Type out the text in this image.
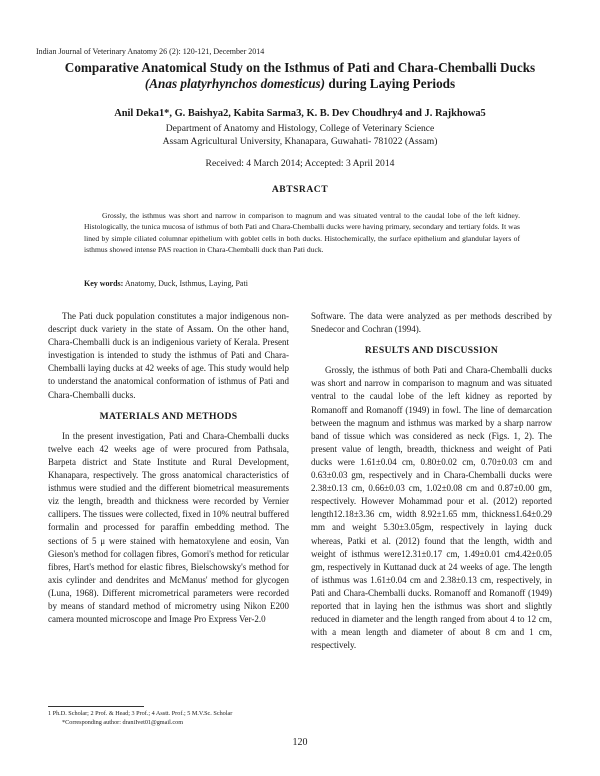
Indian Journal of Veterinary Anatomy 26 (2): 120-121, December 2014
Comparative Anatomical Study on the Isthmus of Pati and Chara-Chemballi Ducks
(Anas platyrhynchos domesticus) during Laying Periods
Anil Deka1*, G. Baishya2, Kabita Sarma3, K. B. Dev Choudhry4 and J. Rajkhowa5
Department of Anatomy and Histology, College of Veterinary Science
Assam Agricultural University, Khanapara, Guwahati- 781022 (Assam)
Received: 4 March 2014; Accepted: 3 April 2014
ABTSRACT
Grossly, the isthmus was short and narrow in comparison to magnum and was situated ventral to the caudal lobe of the left kidney. Histologically, the tunica mucosa of isthmus of both Pati and Chara-Chemballi ducks were having primary, secondary and tertiary folds. It was lined by simple ciliated columnar epithelium with goblet cells in both ducks. Histochemically, the surface epithelium and glandular layers of isthmus showed intense PAS reaction in Chara-Chemballi duck than Pati duck.
Key words: Anatomy, Duck, Isthmus, Laying, Pati

The Pati duck population constitutes a major indigenous non-descript duck variety in the state of Assam. On the other hand, Chara-Chemballi duck is an indigenious variety of Kerala. Present investigation is intended to study the isthmus of Pati and Chara-Chemballi laying ducks at 42 weeks of age. This study would help to understand the anatomical conformation of isthmus of Pati and Chara-Chemballi ducks.

MATERIALS AND METHODS

In the present investigation, Pati and Chara-Chemballi ducks twelve each 42 weeks age of were procured from Pathsala, Barpeta district and State Institute and Rural Development, Khanapara, respectively. The gross anatomical characteristics of isthmus were studied and the different biometrical measurements viz the length, breadth and thickness were recorded by Vernier callipers. The tissues were collected, fixed in 10% neutral buffered formalin and processed for paraffin embedding method. The sections of 5 μ were stained with hematoxylene and eosin, Van Gieson's method for collagen fibres, Gomori's method for reticular fibres, Hart's method for elastic fibres, Bielschowsky's method for axis cylinder and dendrites and McManus' method for glycogen (Luna, 1968). Different micrometrical parameters were recorded by means of standard method of micrometry using Nikon E200 camera mounted microscope and Image Pro Express Ver-2.0

Software. The data were analyzed as per methods described by Snedecor and Cochran (1994).

RESULTS AND DISCUSSION

Grossly, the isthmus of both Pati and Chara-Chemballi ducks was short and narrow in comparison to magnum and was situated ventral to the caudal lobe of the left kidney as reported by Romanoff and Romanoff (1949) in fowl. The line of demarcation between the magnum and isthmus was marked by a sharp narrow band of tissue which was considered as neck (Figs. 1, 2). The present value of length, breadth, thickness and weight of Pati ducks were 1.61±0.04 cm, 0.80±0.02 cm, 0.70±0.03 cm and 0.63±0.03 gm, respectively and in Chara-Chemballi ducks were 2.38±0.13 cm, 0.66±0.03 cm, 1.02±0.08 cm and 0.87±0.00 gm, respectively. However Mohammad pour et al. (2012) reported length12.18±3.36 cm, width 8.92±1.65 mm, thickness1.64±0.29 mm and weight 5.30±3.05gm, respectively in laying duck whereas, Patki et al. (2012) found that the length, width and weight of isthmus were12.31±0.17 cm, 1.49±0.01 cm4.42±0.05 gm, respectively in Kuttanad duck at 24 weeks of age. The length of isthmus was 1.61±0.04 cm and 2.38±0.13 cm, respectively, in Pati and Chara-Chemballi ducks. Romanoff and Romanoff (1949) reported that in laying hen the isthmus was short and slightly reduced in diameter and the length ranged from about 4 to 12 cm, with a mean length and diameter of about 8 cm and 1 cm, respectively.

1 Ph.D. Scholar; 2 Prof. & Head; 3 Prof.; 4 Asstt. Prof.; 5 M.V.Sc. Scholar
*Corresponding author: draniIvet01@gmail.com
120
